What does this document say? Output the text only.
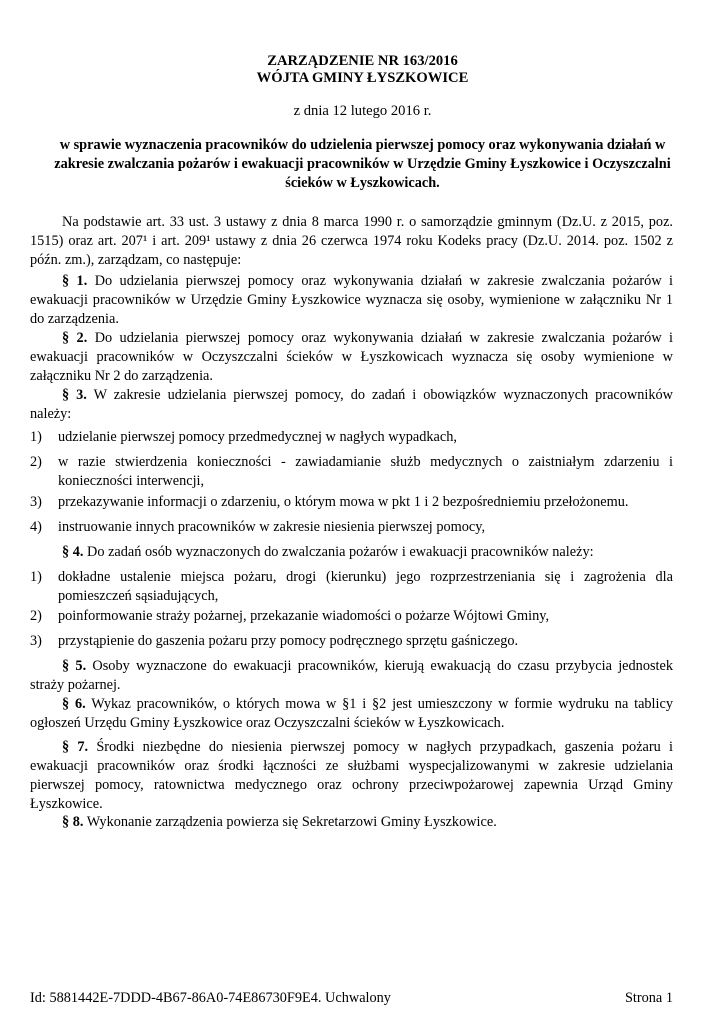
ZARZĄDZENIE NR 163/2016
WÓJTA GMINY ŁYSZKOWICE
z dnia 12 lutego 2016 r.
w sprawie wyznaczenia pracowników do udzielenia pierwszej pomocy oraz wykonywania działań w zakresie zwalczania pożarów i ewakuacji pracowników w Urzędzie Gminy Łyszkowice i Oczyszczalni ścieków w Łyszkowicach.
Na podstawie art. 33 ust. 3 ustawy z dnia 8 marca 1990 r. o samorządzie gminnym (Dz.U. z 2015, poz. 1515) oraz art. 207¹ i art. 209¹ ustawy z dnia 26 czerwca 1974 roku Kodeks pracy (Dz.U. 2014. poz. 1502 z późn. zm.), zarządzam, co następuje:
§ 1. Do udzielania pierwszej pomocy oraz wykonywania działań w zakresie zwalczania pożarów i ewakuacji pracowników w Urzędzie Gminy Łyszkowice wyznacza się osoby, wymienione w załączniku Nr 1 do zarządzenia.
§ 2. Do udzielania pierwszej pomocy oraz wykonywania działań w zakresie zwalczania pożarów i ewakuacji pracowników w Oczyszczalni ścieków w Łyszkowicach wyznacza się osoby wymienione w załączniku Nr 2 do zarządzenia.
§ 3. W zakresie udzielania pierwszej pomocy, do zadań i obowiązków wyznaczonych pracowników należy:
1)	udzielanie pierwszej pomocy przedmedycznej w nagłych wypadkach,
2)	w razie stwierdzenia konieczności - zawiadamianie służb medycznych o zaistniałym zdarzeniu i konieczności interwencji,
3)	przekazywanie informacji o zdarzeniu, o którym mowa w pkt 1 i 2 bezpośredniemiu przełożonemu.
4)	instruowanie innych pracowników w zakresie niesienia pierwszej pomocy,
§ 4. Do zadań osób wyznaczonych do zwalczania pożarów i ewakuacji pracowników należy:
1)	dokładne ustalenie miejsca pożaru, drogi (kierunku) jego rozprzestrzeniania się i zagrożenia dla pomieszczeń sąsiadujących,
2)	poinformowanie straży pożarnej, przekazanie wiadomości o pożarze Wójtowi Gminy,
3)	przystąpienie do gaszenia pożaru przy pomocy podręcznego sprzętu gaśniczego.
§ 5. Osoby wyznaczone do ewakuacji pracowników, kierują ewakuacją do czasu przybycia jednostek straży pożarnej.
§ 6. Wykaz pracowników, o których mowa w §1 i §2 jest umieszczony w formie wydruku na tablicy ogłoszeń Urzędu Gminy Łyszkowice oraz Oczyszczalni ścieków w Łyszkowicach.
§ 7. Środki niezbędne do niesienia pierwszej pomocy w nagłych przypadkach, gaszenia pożaru i ewakuacji pracowników oraz środki łączności ze służbami wyspecjalizowanymi w zakresie udzielania pierwszej pomocy, ratownictwa medycznego oraz ochrony przeciwpożarowej zapewnia Urząd Gminy Łyszkowice.
§ 8. Wykonanie zarządzenia powierza się Sekretarzowi Gminy Łyszkowice.
Id: 5881442E-7DDD-4B67-86A0-74E86730F9E4. Uchwalony	Strona 1
